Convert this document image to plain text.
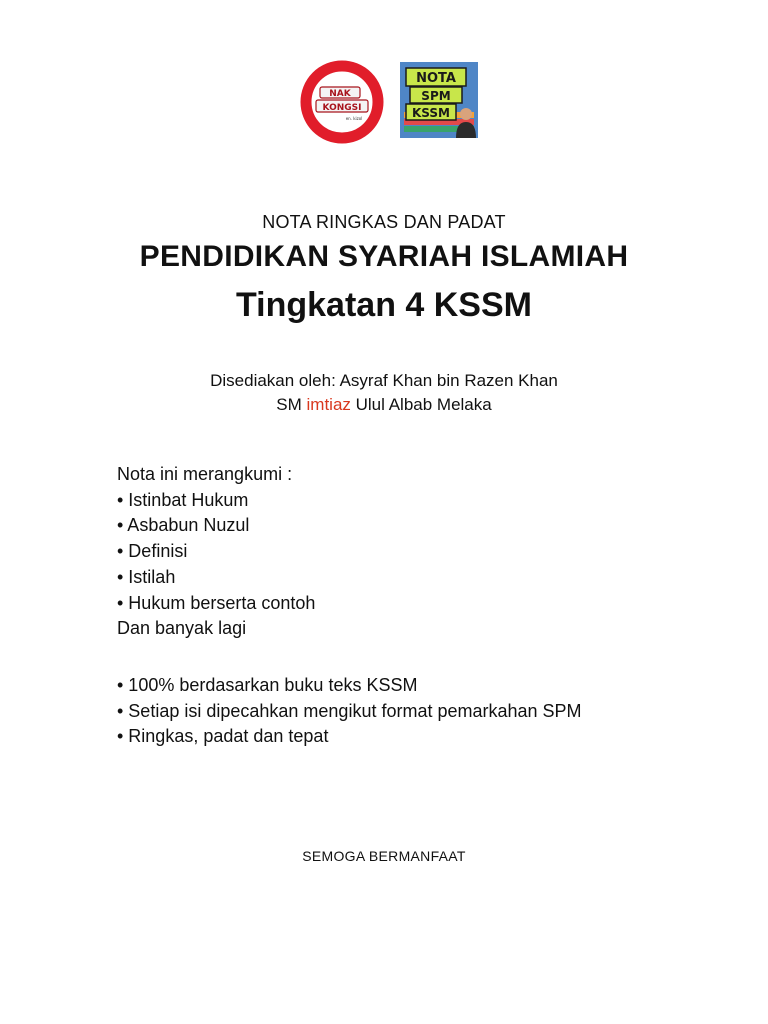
NAK
KONGSI
en. kizol
NOTA
SPM
KSSM
NOTA RINGKAS DAN PADAT
PENDIDIKAN SYARIAH ISLAMIAH
Tingkatan 4 KSSM
Disediakan oleh: Asyraf Khan bin Razen Khan
SM imtiaz Ulul Albab Melaka
Nota ini merangkumi :
• Istinbat Hukum
• Asbabun Nuzul
• Definisi
• Istilah
• Hukum berserta contoh
Dan banyak lagi
• 100% berdasarkan buku teks KSSM
• Setiap isi dipecahkan mengikut format pemarkahan SPM
• Ringkas, padat dan tepat
SEMOGA BERMANFAAT
